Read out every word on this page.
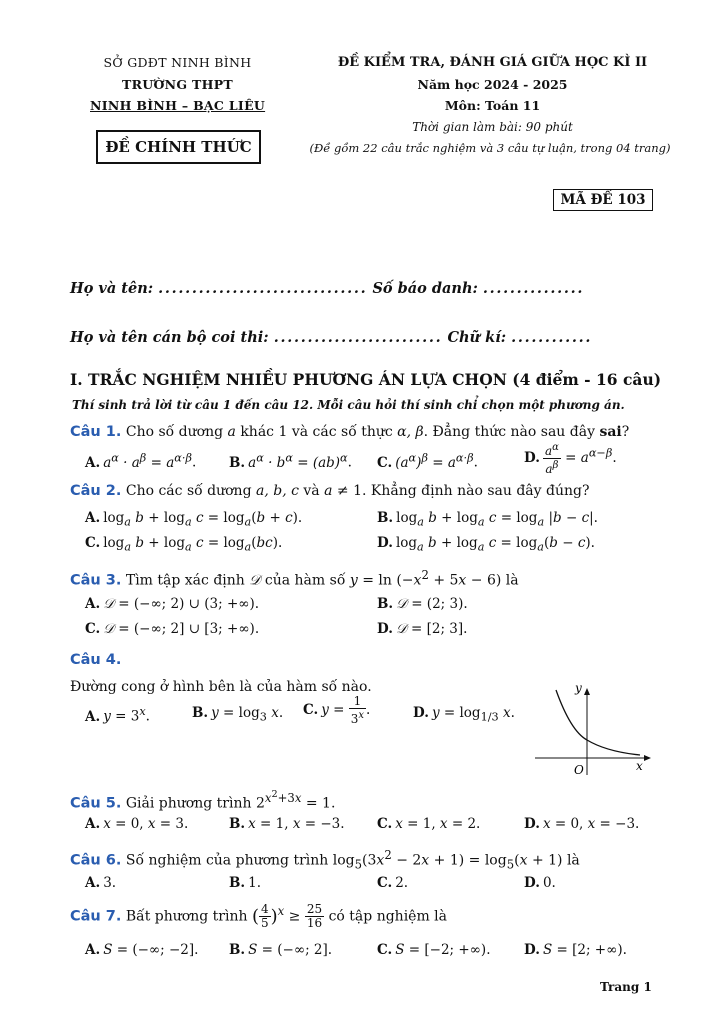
SỞ GDĐT NINH BÌNH
TRƯỜNG THPT
NINH BÌNH – BẠC LIÊU
ĐỀ CHÍNH THỨC
ĐỀ KIỂM TRA, ĐÁNH GIÁ GIỮA HỌC KÌ II
Năm học 2024 - 2025
Môn: Toán 11
Thời gian làm bài: 90 phút
(Đề gồm 22 câu trắc nghiệm và 3 câu tự luận, trong 04 trang)
MÃ ĐỀ 103
Họ và tên: ............................... Số báo danh: ...............
Họ và tên cán bộ coi thi: ......................... Chữ kí: ............
I. TRẮC NGHIỆM NHIỀU PHƯƠNG ÁN LỰA CHỌN (4 điểm - 16 câu)
Thí sinh trả lời từ câu 1 đến câu 12. Mỗi câu hỏi thí sinh chỉ chọn một phương án.
Câu 1. Cho số dương a khác 1 và các số thực α, β. Đẳng thức nào sau đây sai?
A. $a^\alpha \cdot a^\beta = a^{\alpha\cdot\beta}$. B. $a^\alpha \cdot b^\alpha = (ab)^\alpha$. C. $(a^\alpha)^\beta = a^{\alpha\cdot\beta}$.	D. $\frac{a^\alpha}{a^\beta} = a^{\alpha-\beta}$.
Câu 2. Cho các số dương a, b, c và a ≠ 1. Khẳng định nào sau đây đúng?
A. $\log_a b + \log_a c = \log_a(b + c)$.	B. $\log_a b + \log_a c = \log_a |b - c|$.
C. $\log_a b + \log_a c = \log_a(bc)$.	D. $\log_a b + \log_a c = \log_a(b - c)$.
Câu 3. Tìm tập xác định 𝒟 của hàm số $y = \ln (-x^2 + 5x - 6)$ là
A. 𝒟 = (−∞; 2) ∪ (3; +∞).	B. 𝒟 = (2; 3).
C. 𝒟 = (−∞; 2] ∪ [3; +∞).	D. 𝒟 = [2; 3].
Câu 4.
Đường cong ở hình bên là của hàm số nào.
A. $y = 3^x$.	B. $y = \log_3 x$. C. $y = \frac{1}{3^x}$ .	D. $y = \log_{1/3} x$.
O	x
y
Câu 5. Giải phương trình $2^{x^2+3x} = 1$.
A. x = 0, x = 3.	B. x = 1, x = −3. C. x = 1, x = 2.	D. x = 0, x = −3.
Câu 6. Số nghiệm của phương trình $\log_5(3x^2 - 2x + 1) = \log_5(x + 1)$ là
A. 3.	B. 1.	C. 2.	D. 0.
Câu 7. Bất phương trình ( $\frac{4}{5} )^x \ge \frac{25}{16}$ có tập nghiệm là
A. S = (−∞; −2]. B. S = (−∞; 2].	C. S = [−2; +∞). D. S = [2; +∞).
Trang 1
